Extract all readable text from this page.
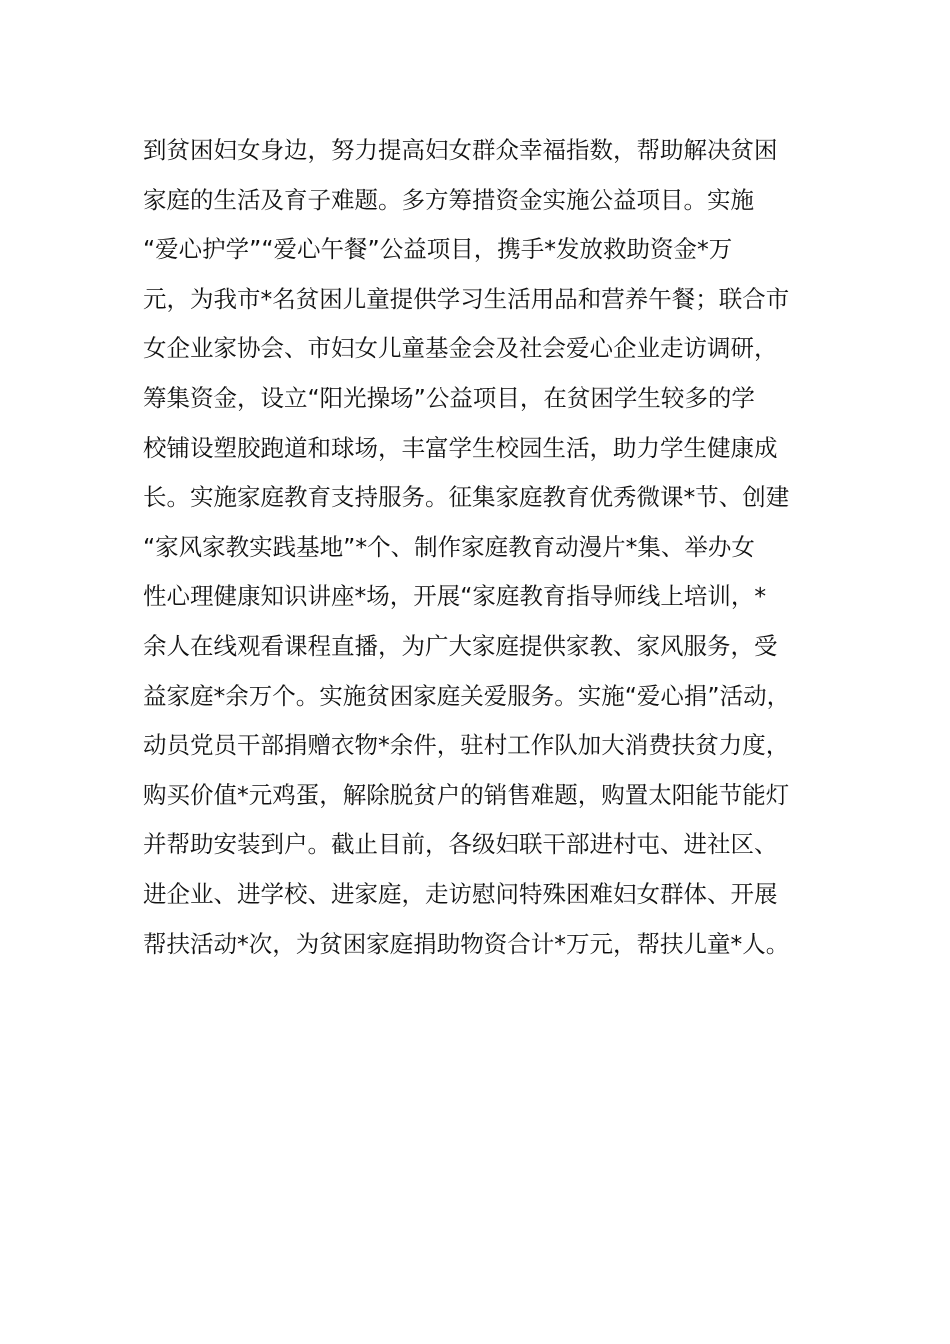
到贫困妇女身边，努力提高妇女群众幸福指数，帮助解决贫困
家庭的生活及育子难题。多方筹措资金实施公益项目。实施
“爱心护学”“爱心午餐”公益项目，携手*发放救助资金*万
元，为我市*名贫困儿童提供学习生活用品和营养午餐；联合市
女企业家协会、市妇女儿童基金会及社会爱心企业走访调研，
筹集资金，设立“阳光操场”公益项目，在贫困学生较多的学
校铺设塑胶跑道和球场，丰富学生校园生活，助力学生健康成
长。实施家庭教育支持服务。征集家庭教育优秀微课*节、创建
“家风家教实践基地”*个、制作家庭教育动漫片*集、举办女
性心理健康知识讲座*场，开展“家庭教育指导师线上培训，*
余人在线观看课程直播，为广大家庭提供家教、家风服务，受
益家庭*余万个。实施贫困家庭关爱服务。实施“爱心捐”活动，
动员党员干部捐赠衣物*余件，驻村工作队加大消费扶贫力度，
购买价值*元鸡蛋，解除脱贫户的销售难题，购置太阳能节能灯
并帮助安装到户。截止目前，各级妇联干部进村屯、进社区、
进企业、进学校、进家庭，走访慰问特殊困难妇女群体、开展
帮扶活动*次，为贫困家庭捐助物资合计*万元，帮扶儿童*人。
